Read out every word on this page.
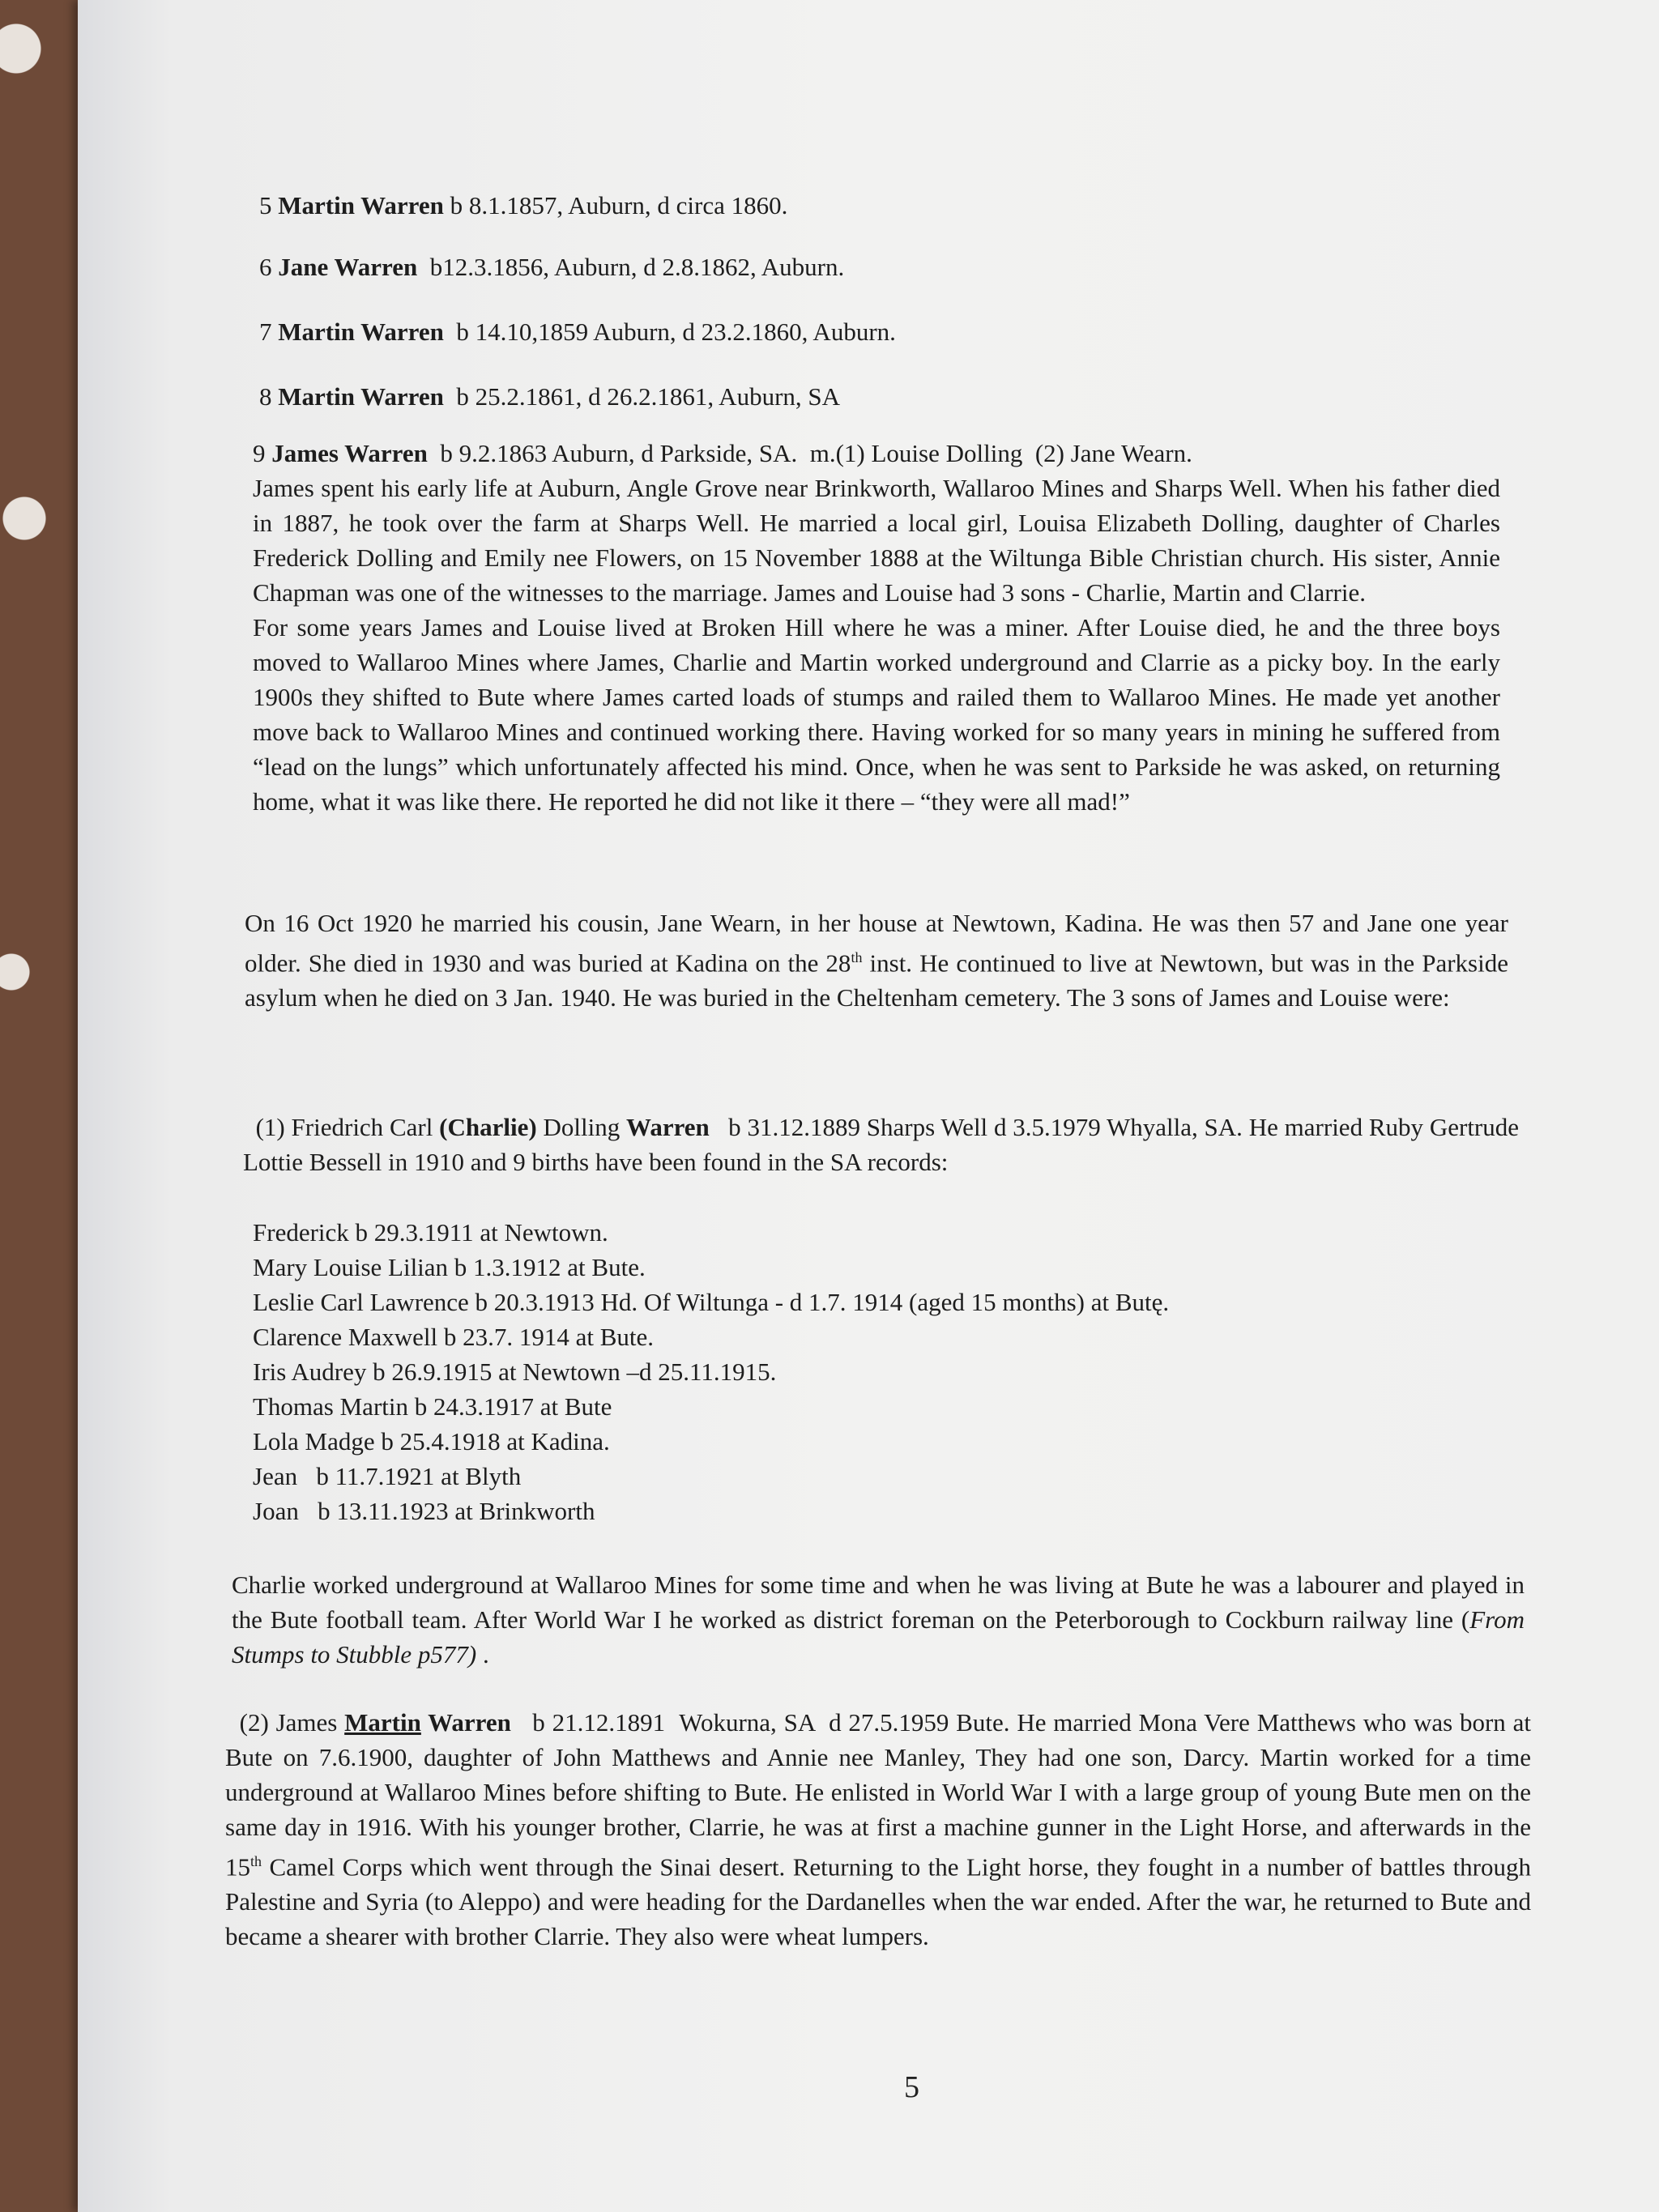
5 Martin Warren b 8.1.1857, Auburn, d circa 1860.
6 Jane Warren  b12.3.1856, Auburn, d 2.8.1862, Auburn.
7 Martin Warren  b 14.10,1859 Auburn, d 23.2.1860, Auburn.
8 Martin Warren  b 25.2.1861, d 26.2.1861, Auburn, SA
9 James Warren  b 9.2.1863 Auburn, d Parkside, SA.  m.(1) Louise Dolling  (2) Jane Wearn.

James spent his early life at Auburn, Angle Grove near Brinkworth, Wallaroo Mines and Sharps Well. When his father died in 1887, he took over the farm at Sharps Well. He married a local girl, Louisa Elizabeth Dolling, daughter of Charles Frederick Dolling and Emily nee Flowers, on 15 November 1888 at the Wiltunga Bible Christian church. His sister, Annie Chapman was one of the witnesses to the marriage. James and Louise had 3 sons - Charlie, Martin and Clarrie.

For some years James and Louise lived at Broken Hill where he was a miner. After Louise died, he and the three boys moved to Wallaroo Mines where James, Charlie and Martin worked underground and Clarrie as a picky boy. In the early 1900s they shifted to Bute where James carted loads of stumps and railed them to Wallaroo Mines. He made yet another move back to Wallaroo Mines and continued working there. Having worked for so many years in mining he suffered from “lead on the lungs” which unfortunately affected his mind. Once, when he was sent to Parkside he was asked, on returning home, what it was like there. He reported he did not like it there – “they were all mad!”

On 16 Oct 1920 he married his cousin, Jane Wearn, in her house at Newtown, Kadina. He was then 57 and Jane one year older. She died in 1930 and was buried at Kadina on the 28th inst. He continued to live at Newtown, but was in the Parkside asylum when he died on 3 Jan. 1940. He was buried in the Cheltenham cemetery. The 3 sons of James and Louise were:

(1) Friedrich Carl (Charlie) Dolling Warren   b 31.12.1889 Sharps Well d 3.5.1979 Whyalla, SA. He married Ruby Gertrude Lottie Bessell in 1910 and 9 births have been found in the SA records:

Frederick b 29.3.1911 at Newtown.
Mary Louise Lilian b 1.3.1912 at Bute.
Leslie Carl Lawrence b 20.3.1913 Hd. Of Wiltunga - d 1.7. 1914 (aged 15 months) at Butę.
Clarence Maxwell b 23.7. 1914 at Bute.
Iris Audrey b 26.9.1915 at Newtown –d 25.11.1915.
Thomas Martin b 24.3.1917 at Bute
Lola Madge b 25.4.1918 at Kadina.
Jean   b 11.7.1921 at Blyth
Joan   b 13.11.1923 at Brinkworth

Charlie worked underground at Wallaroo Mines for some time and when he was living at Bute he was a labourer and played in the Bute football team. After World War I he worked as district foreman on the Peterborough to Cockburn railway line (From Stumps to Stubble p577) .

(2) James Martin Warren   b 21.12.1891  Wokurna, SA  d 27.5.1959 Bute. He married Mona Vere Matthews who was born at Bute on 7.6.1900, daughter of John Matthews and Annie nee Manley, They had one son, Darcy. Martin worked for a time underground at Wallaroo Mines before shifting to Bute. He enlisted in World War I with a large group of young Bute men on the same day in 1916. With his younger brother, Clarrie, he was at first a machine gunner in the Light Horse, and afterwards in the 15th Camel Corps which went through the Sinai desert. Returning to the Light horse, they fought in a number of battles through Palestine and Syria (to Aleppo) and were heading for the Dardanelles when the war ended. After the war, he returned to Bute and became a shearer with brother Clarrie. They also were wheat lumpers.

5
